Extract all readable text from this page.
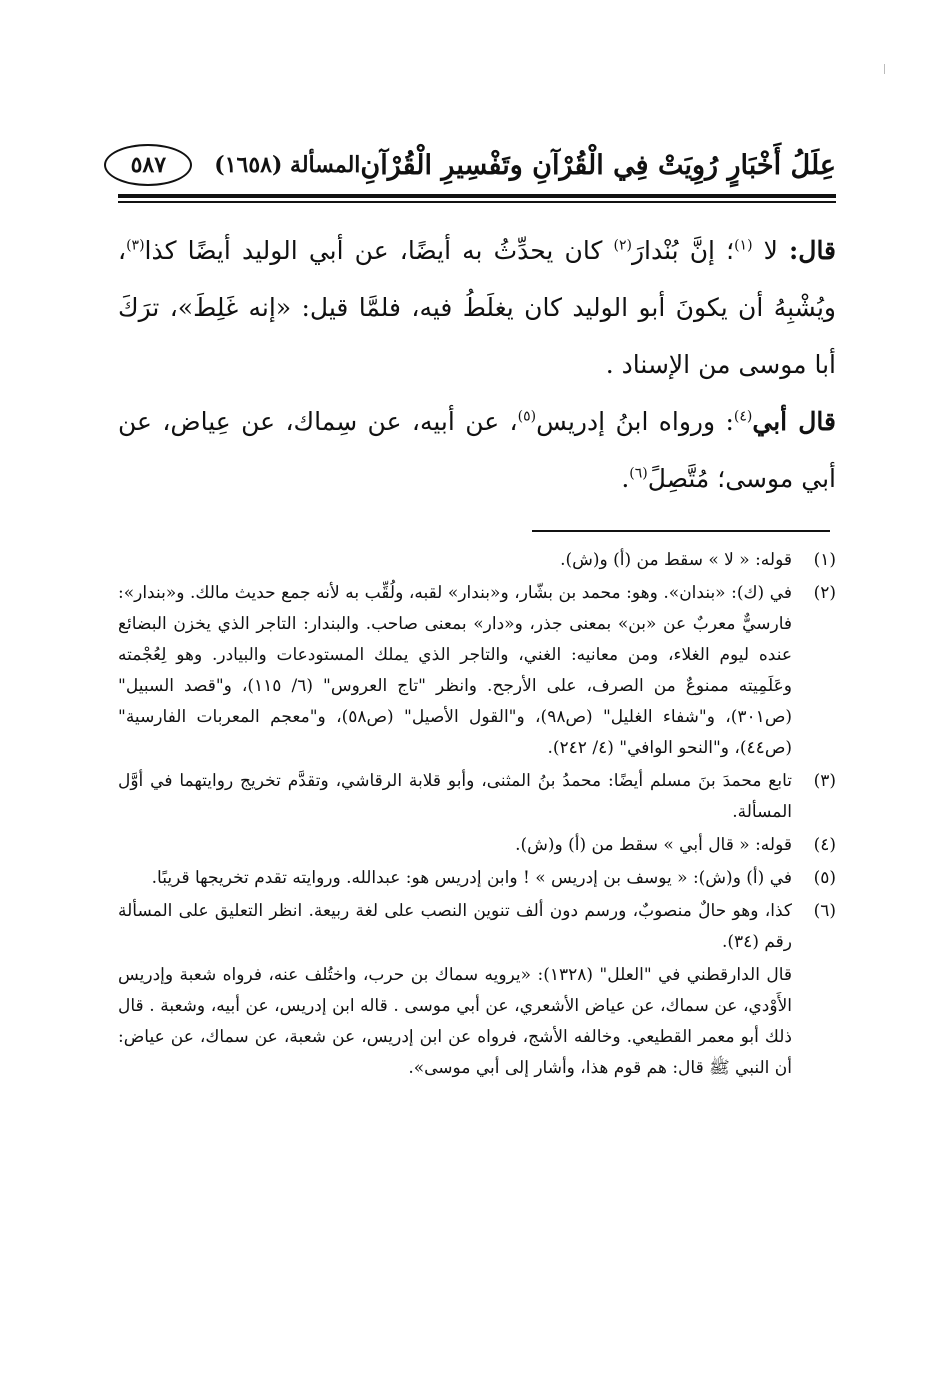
عِلَلُ أَخْبَارٍ رُوِيَتْ فِي الْقُرْآنِ وتَفْسِيرِ الْقُرْآنِ
المسألة (١٦٥٨)
٥٨٧

قال: لا $^{(١)}$؛ إنَّ بُنْدارَ$^{(٢)}$ كان يحدِّثُ به أيضًا، عن أبي الوليد أيضًا كذا$^{(٣)}$، ويُشْبِهُ أن يكونَ أبو الوليد كان يغلَطُ فيه، فلمَّا قيل: «إنه غَلِطَ»، ترَكَ أبا موسى من الإسناد .

قال أبي$^{(٤)}$: ورواه ابنُ إدريس$^{(٥)}$، عن أبيه، عن سِماك، عن عِياض، عن أبي موسى؛ مُتَّصِلً$^{(٦)}$.

(١)
قوله: « لا » سقط من (أ) و(ش).
(٢)
في (ك): «بندان». وهو: محمد بن بشّار، و«بندار» لقبه، ولُقِّب به لأنه جمع حديث مالك. و«بندار»: فارسيٌّ معربٌ عن «بن» بمعنى جذر، و«دار» بمعنى صاحب. والبندار: التاجر الذي يخزن البضائع عنده ليوم الغلاء، ومن معانيه: الغني، والتاجر الذي يملك المستودعات والبيادر. وهو لِعُجْمته وعَلَمِيته ممنوعٌ من الصرف، على الأرجح. وانظر "تاج العروس" (٦/ ١١٥)، و"قصد السبيل" (ص٣٠١)، و"شفاء الغليل" (ص٩٨)، و"القول الأصيل" (ص٥٨)، و"معجم المعربات الفارسية" (ص٤٤)، و"النحو الوافي" (٤/ ٢٤٢).
(٣)
تابع محمدَ بنَ مسلم أيضًا: محمدُ بنُ المثنى، وأبو قلابة الرقاشي، وتقدَّم تخريج روايتهما في أوَّل المسألة.
(٤)
قوله: « قال أبي » سقط من (أ) و(ش).
(٥)
في (أ) و(ش): « يوسف بن إدريس » ! وابن إدريس هو: عبدالله. وروايته تقدم تخريجها قريبًا.
(٦)
كذا، وهو حالٌ منصوبٌ، ورسم دون ألف تنوين النصب على لغة ربيعة. انظر التعليق على المسألة رقم (٣٤).

قال الدارقطني في "العلل" (١٣٢٨): «يرويه سماك بن حرب، واختُلف عنه، فرواه شعبة وإدريس الأَوْدي، عن سماك، عن عياض الأشعري، عن أبي موسى . قاله ابن إدريس، عن أبيه، وشعبة . قال ذلك أبو معمر القطيعي. وخالفه الأشج، فرواه عن ابن إدريس، عن شعبة، عن سماك، عن عياض: أن النبي ﷺ قال: هم قوم هذا، وأشار إلى أبي موسى».
